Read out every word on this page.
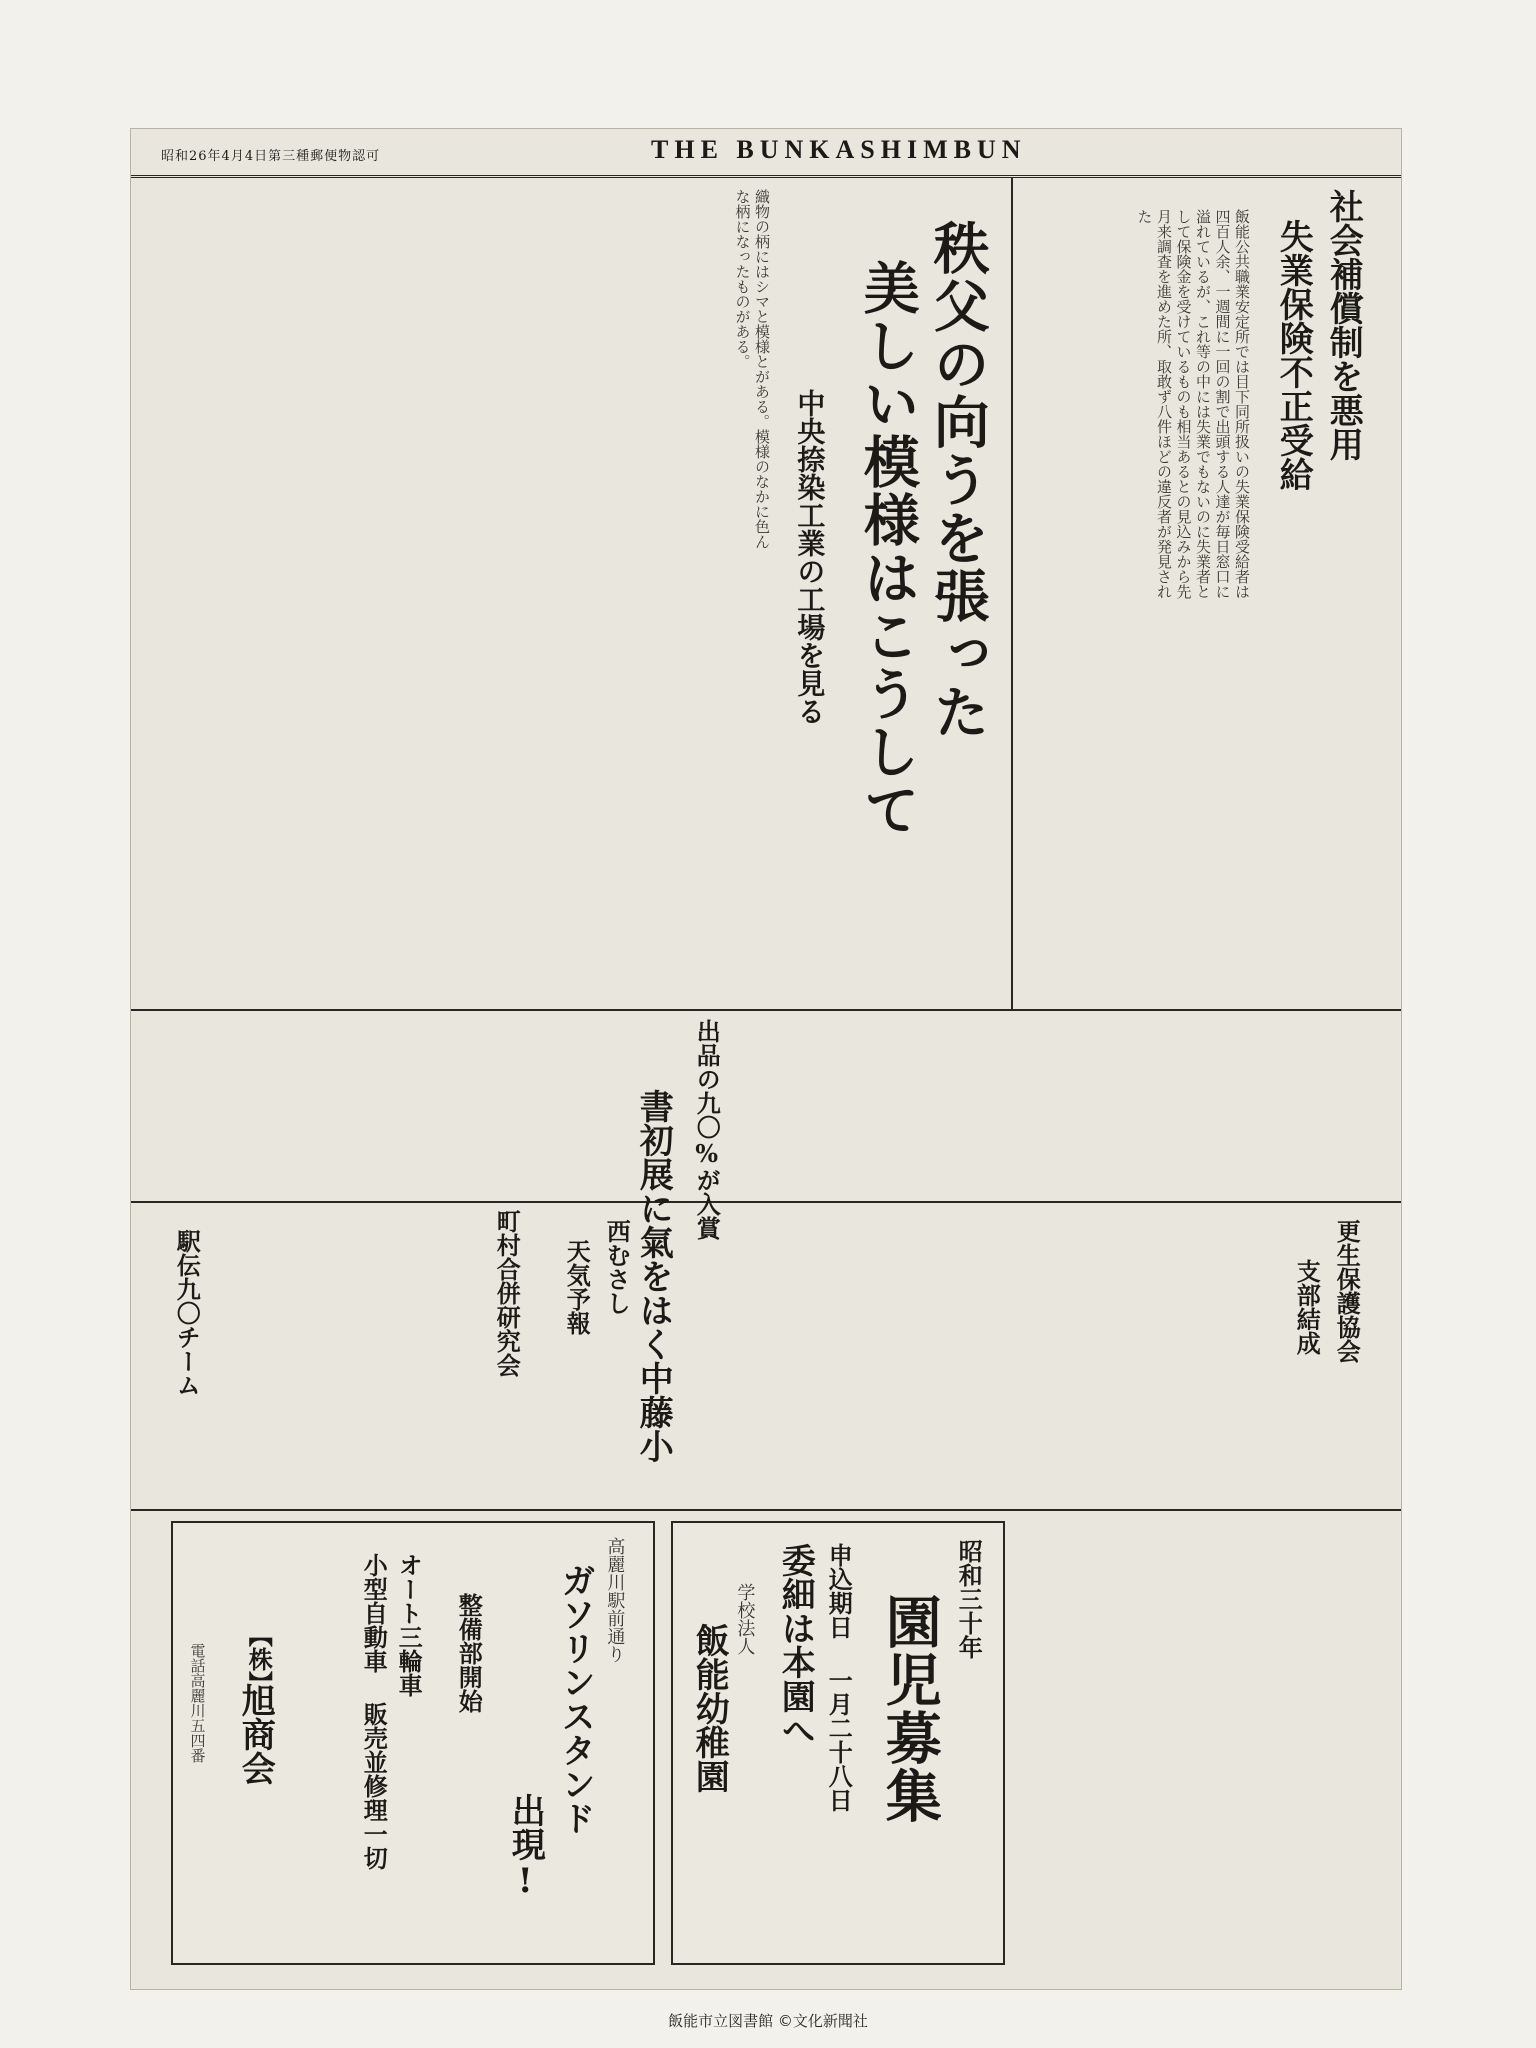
昭和26年4月4日第三種郵便物認可	THE BUNKASHIMBUN
社会補償制を悪用
失業保険不正受給
飯能公共職業安定所では目下同所扱いの失業保険受給者は四百人余、一週間に一回の割で出頭する人達が毎日窓口に溢れているが、これ等の中には失業でもないのに失業者として保険金を受けているものも相当あるとの見込みから先月来調査を進めた所、取敢ず八件ほどの違反者が発見された
秩父の向うを張った
美しい模様はこうして
中央捺染工業の工場を見る
織物の柄にはシマと模様とがある。模様のなかに色んな柄になったものがある。
出品の九〇%が入賞
書初展に氣をはく中藤小
町村合併研究会
駅伝九〇チーム	更生保護協会
支部結成
西むさし
天気予報
昭和三十年
園児募集
申込期日 一月二十八日
委細は本園へ
学校法人
飯能幼稚園
高麗川駅前通り
ガソリンスタンド
出現!
整備部開始
オート三輪車
小型自動車 販売並修理一切
【株】
旭商会
電話高麗川五四番
飯能市立図書館 ©文化新聞社
